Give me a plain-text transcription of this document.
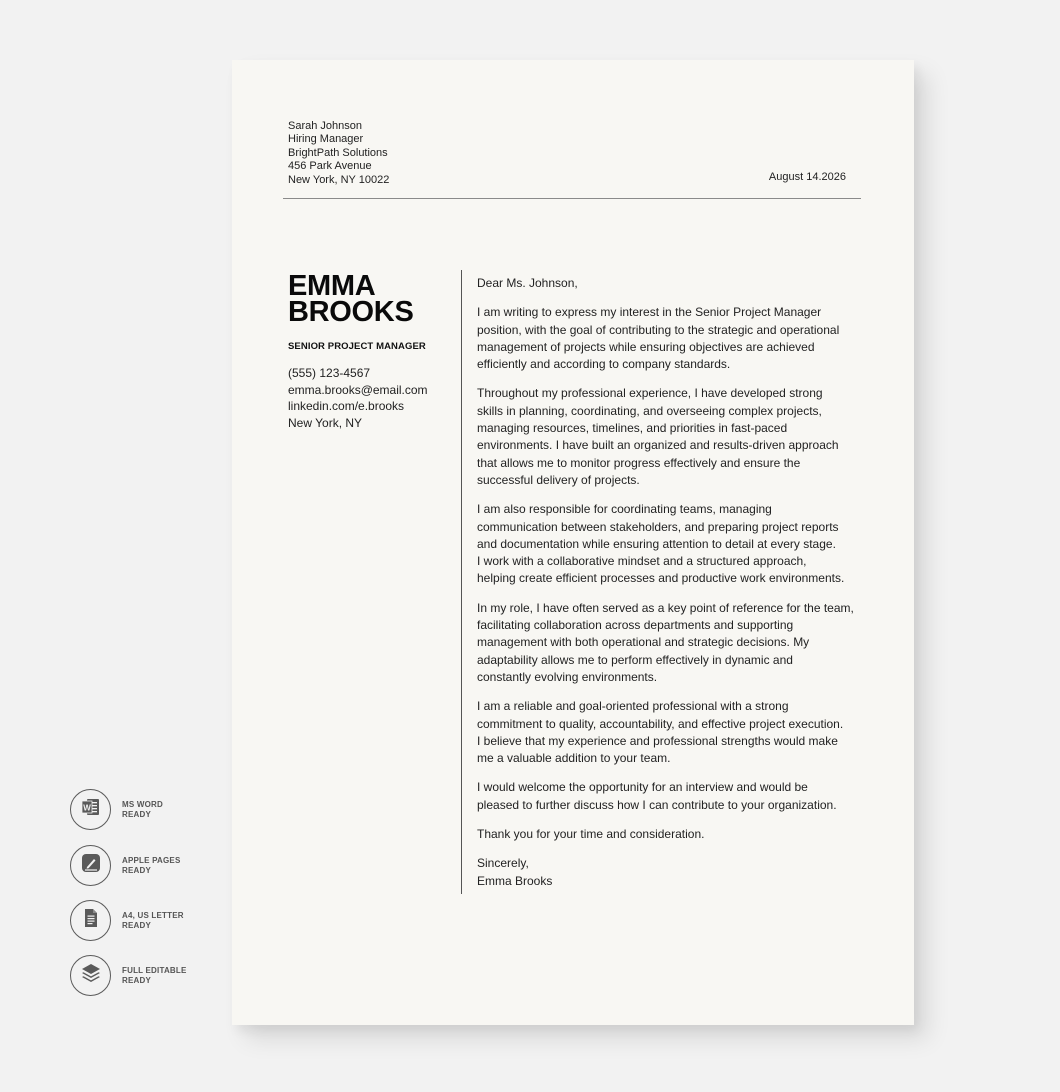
Sarah Johnson
Hiring Manager
BrightPath Solutions
456 Park Avenue
New York, NY 10022	August 14.2026
EMMA
BROOKS
SENIOR PROJECT MANAGER
(555) 123-4567
emma.brooks@email.com
linkedin.com/e.brooks
New York, NY

Dear Ms. Johnson,

I am writing to express my interest in the Senior Project Manager
position, with the goal of contributing to the strategic and operational
management of projects while ensuring objectives are achieved
efficiently and according to company standards.

Throughout my professional experience, I have developed strong
skills in planning, coordinating, and overseeing complex projects,
managing resources, timelines, and priorities in fast-paced
environments. I have built an organized and results-driven approach
that allows me to monitor progress effectively and ensure the
successful delivery of projects.

I am also responsible for coordinating teams, managing
communication between stakeholders, and preparing project reports
and documentation while ensuring attention to detail at every stage.
I work with a collaborative mindset and a structured approach,
helping create efficient processes and productive work environments.

In my role, I have often served as a key point of reference for the team,
facilitating collaboration across departments and supporting
management with both operational and strategic decisions. My
adaptability allows me to perform effectively in dynamic and
constantly evolving environments.

I am a reliable and goal-oriented professional with a strong
commitment to quality, accountability, and effective project execution.
I believe that my experience and professional strengths would make
me a valuable addition to your team.

I would welcome the opportunity for an interview and would be
pleased to further discuss how I can contribute to your organization.

Thank you for your time and consideration.

Sincerely,
Emma Brooks

W	MS WORD
READY
APPLE PAGES
READY
A4, US LETTER
READY
FULL EDITABLE
READY
